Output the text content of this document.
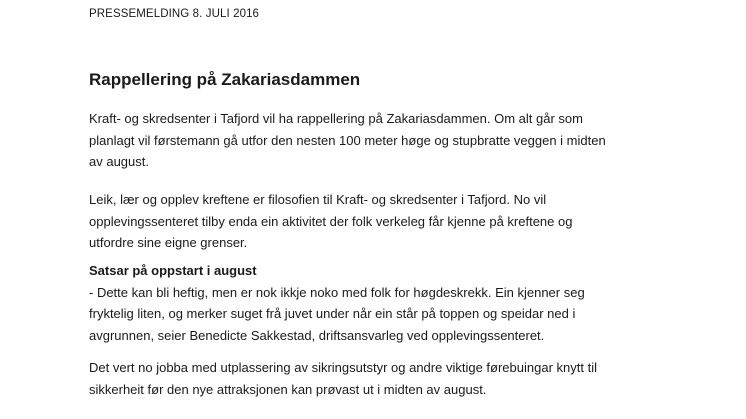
PRESSEMELDING 8. JULI 2016
Rappellering på Zakariasdammen
Kraft- og skredsenter i Tafjord vil ha rappellering på Zakariasdammen. Om alt går som
planlagt vil førstemann gå utfor den nesten 100 meter høge og stupbratte veggen i midten
av august.
Leik, lær og opplev kreftene er filosofien til Kraft- og skredsenter i Tafjord. No vil
opplevingssenteret tilby enda ein aktivitet der folk verkeleg får kjenne på kreftene og
utfordre sine eigne grenser.
Satsar på oppstart i august
- Dette kan bli heftig, men er nok ikkje noko med folk for høgdeskrekk. Ein kjenner seg
fryktelig liten, og merker suget frå juvet under når ein står på toppen og speidar ned i
avgrunnen, seier Benedicte Sakkestad, driftsansvarleg ved opplevingssenteret.
Det vert no jobba med utplassering av sikringsutstyr og andre viktige førebuingar knytt til
sikkerheit før den nye attraksjonen kan prøvast ut i midten av august.
